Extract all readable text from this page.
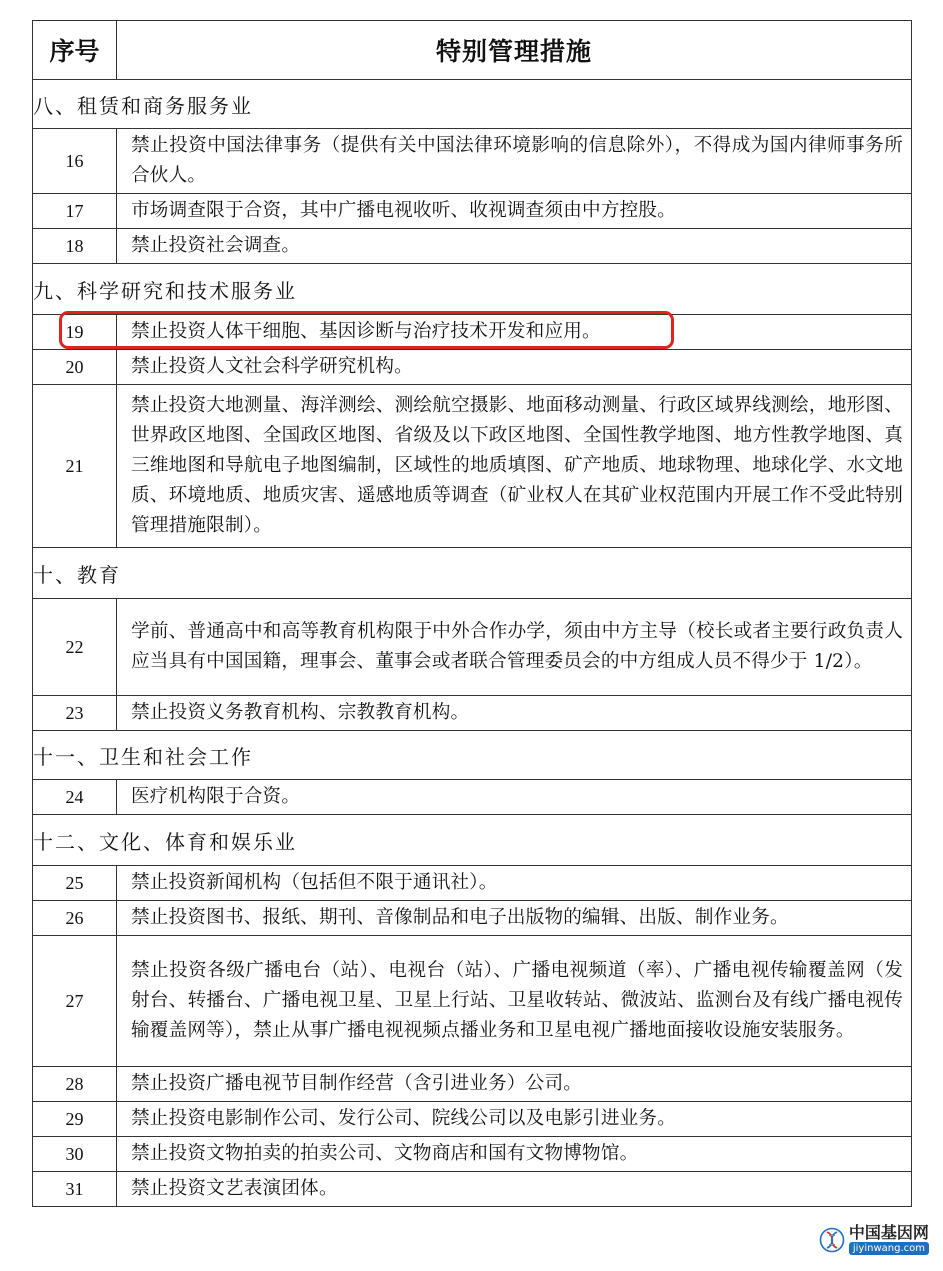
序号	特别管理措施
八、租赁和商务服务业	
16	禁止投资中国法律事务（提供有关中国法律环境影响的信息除外），不得成为国内律师事务所合伙人。
17	市场调查限于合资，其中广播电视收听、收视调查须由中方控股。
18	禁止投资社会调查。
九、科学研究和技术服务业	
19	禁止投资人体干细胞、基因诊断与治疗技术开发和应用。
20	禁止投资人文社会科学研究机构。
21	禁止投资大地测量、海洋测绘、测绘航空摄影、地面移动测量、行政区域界线测绘，地形图、世界政区地图、全国政区地图、省级及以下政区地图、全国性教学地图、地方性教学地图、真三维地图和导航电子地图编制，区域性的地质填图、矿产地质、地球物理、地球化学、水文地质、环境地质、地质灾害、遥感地质等调查（矿业权人在其矿业权范围内开展工作不受此特别管理措施限制）。
十、教育	
22	学前、普通高中和高等教育机构限于中外合作办学，须由中方主导（校长或者主要行政负责人应当具有中国国籍，理事会、董事会或者联合管理委员会的中方组成人员不得少于 1/2）。
23	禁止投资义务教育机构、宗教教育机构。
十一、卫生和社会工作	
24	医疗机构限于合资。
十二、文化、体育和娱乐业	
25	禁止投资新闻机构（包括但不限于通讯社）。
26	禁止投资图书、报纸、期刊、音像制品和电子出版物的编辑、出版、制作业务。
27	禁止投资各级广播电台（站）、电视台（站）、广播电视频道（率）、广播电视传输覆盖网（发射台、转播台、广播电视卫星、卫星上行站、卫星收转站、微波站、监测台及有线广播电视传输覆盖网等），禁止从事广播电视视频点播业务和卫星电视广播地面接收设施安装服务。
28	禁止投资广播电视节目制作经营（含引进业务）公司。
29	禁止投资电影制作公司、发行公司、院线公司以及电影引进业务。
30	禁止投资文物拍卖的拍卖公司、文物商店和国有文物博物馆。
31	禁止投资文艺表演团体。
中国基因网
jiyinwang.com
